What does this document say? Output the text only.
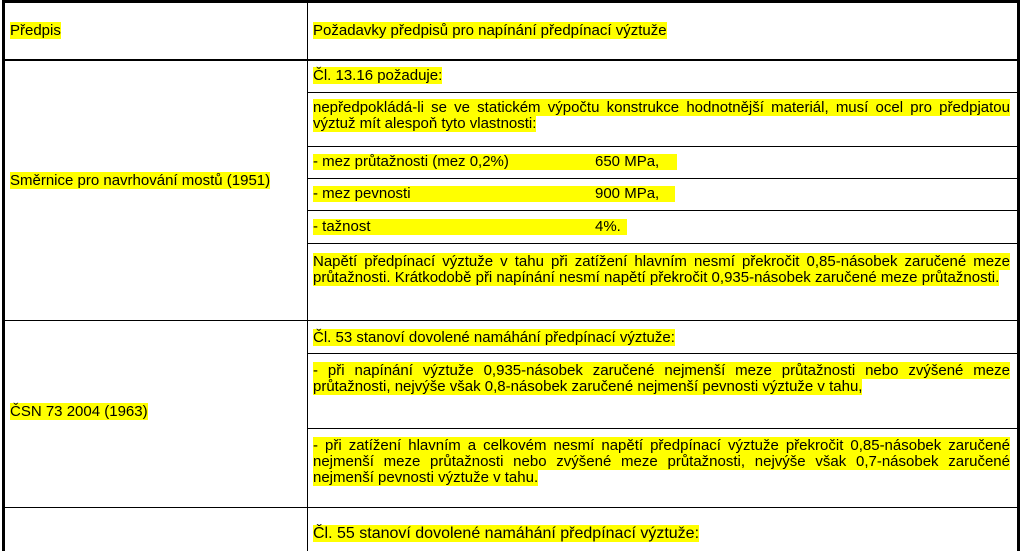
Předpis	Požadavky předpisů pro napínání předpínací výztuže
Směrnice pro navrhování mostů (1951)
Čl. 13.16 požaduje:
nepředpokládá-li se ve statickém výpočtu konstrukce hodnotnější materiál, musí ocel pro předpjatou výztuž mít alespoň tyto vlastnosti:
- mez průtažnosti (mez 0,2%)	650 MPa,
- mez pevnosti	900 MPa,
- tažnost	4%.
Napětí předpínací výztuže v tahu při zatížení hlavním nesmí překročit 0,85-násobek zaručené meze průtažnosti. Krátkodobě při napínání nesmí napětí překročit 0,935-násobek zaručené meze průtažnosti.
ČSN 73 2004 (1963)
Čl. 53 stanoví dovolené namáhání předpínací výztuže:
- při napínání výztuže 0,935-násobek zaručené nejmenší meze průtažnosti nebo zvýšené meze průtažnosti, nejvýše však 0,8-násobek zaručené nejmenší pevnosti výztuže v tahu,
- při zatížení hlavním a celkovém nesmí napětí předpínací výztuže překročit 0,85-násobek zaručené nejmenší meze průtažnosti nebo zvýšené meze průtažnosti, nejvýše však 0,7-násobek zaručené nejmenší pevnosti výztuže v tahu.
Čl. 55 stanoví dovolené namáhání předpínací výztuže:
